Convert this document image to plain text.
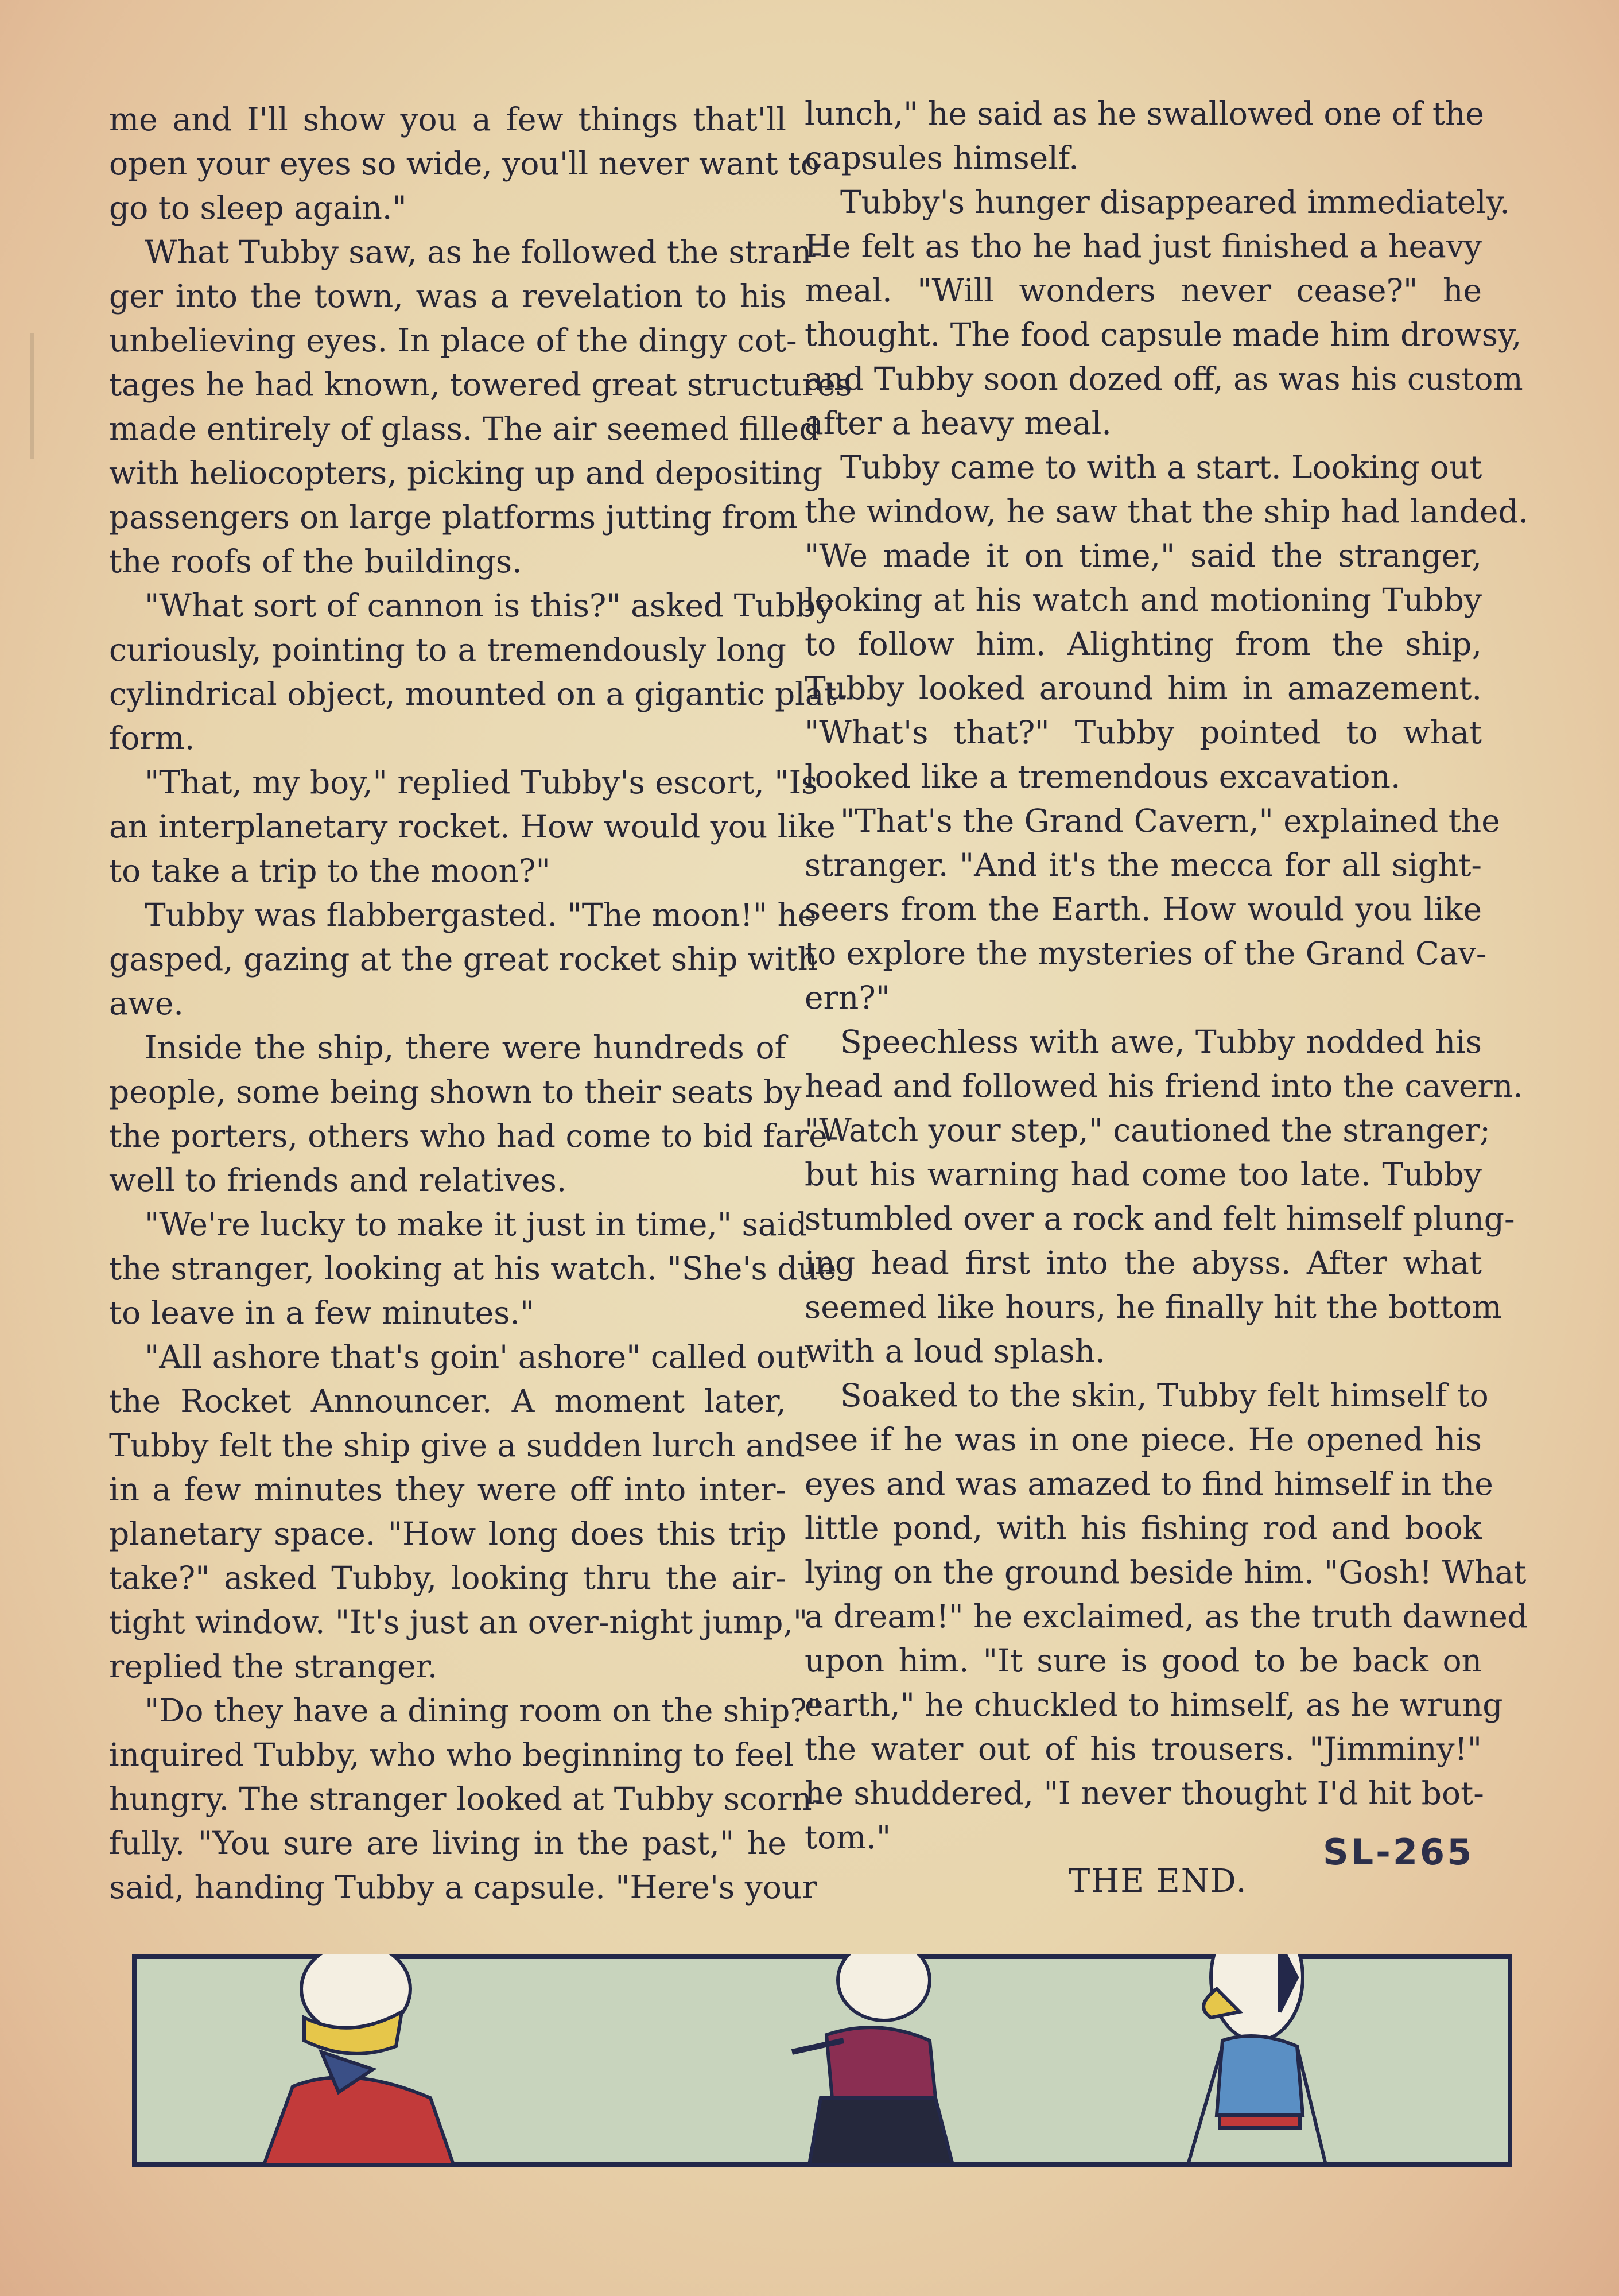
me and I'll show you a few things that'll
open your eyes so wide, you'll never want to
go to sleep again."
What Tubby saw, as he followed the stran-
ger into the town, was a revelation to his
unbelieving eyes. In place of the dingy cot-
tages he had known, towered great structures
made entirely of glass. The air seemed filled
with heliocopters, picking up and depositing
passengers on large platforms jutting from
the roofs of the buildings.
"What sort of cannon is this?" asked Tubby
curiously, pointing to a tremendously long
cylindrical object, mounted on a gigantic plat-
form.
"That, my boy," replied Tubby's escort, "Is
an interplanetary rocket. How would you like
to take a trip to the moon?"
Tubby was flabbergasted. "The moon!" he
gasped, gazing at the great rocket ship with
awe.
Inside the ship, there were hundreds of
people, some being shown to their seats by
the porters, others who had come to bid fare-
well to friends and relatives.
"We're lucky to make it just in time," said
the stranger, looking at his watch. "She's due
to leave in a few minutes."
"All ashore that's goin' ashore" called out
the Rocket Announcer. A moment later,
Tubby felt the ship give a sudden lurch and
in a few minutes they were off into inter-
planetary space. "How long does this trip
take?" asked Tubby, looking thru the air-
tight window. "It's just an over-night jump,"
replied the stranger.
"Do they have a dining room on the ship?"
inquired Tubby, who who beginning to feel
hungry. The stranger looked at Tubby scorn-
fully. "You sure are living in the past," he
said, handing Tubby a capsule. "Here's your
lunch," he said as he swallowed one of the
capsules himself.
Tubby's hunger disappeared immediately.
He felt as tho he had just finished a heavy
meal. "Will wonders never cease?" he
thought. The food capsule made him drowsy,
and Tubby soon dozed off, as was his custom
after a heavy meal.
Tubby came to with a start. Looking out
the window, he saw that the ship had landed.
"We made it on time," said the stranger,
looking at his watch and motioning Tubby
to follow him. Alighting from the ship,
Tubby looked around him in amazement.
"What's that?" Tubby pointed to what
looked like a tremendous excavation.
"That's the Grand Cavern," explained the
stranger. "And it's the mecca for all sight-
seers from the Earth. How would you like
to explore the mysteries of the Grand Cav-
ern?"
Speechless with awe, Tubby nodded his
head and followed his friend into the cavern.
"Watch your step," cautioned the stranger;
but his warning had come too late. Tubby
stumbled over a rock and felt himself plung-
ing head first into the abyss. After what
seemed like hours, he finally hit the bottom
with a loud splash.
Soaked to the skin, Tubby felt himself to
see if he was in one piece. He opened his
eyes and was amazed to find himself in the
little pond, with his fishing rod and book
lying on the ground beside him. "Gosh! What
a dream!" he exclaimed, as the truth dawned
upon him. "It sure is good to be back on
earth," he chuckled to himself, as he wrung
the water out of his trousers. "Jimminy!"
he shuddered, "I never thought I'd hit bot-
tom."
THE END.
SL-265
